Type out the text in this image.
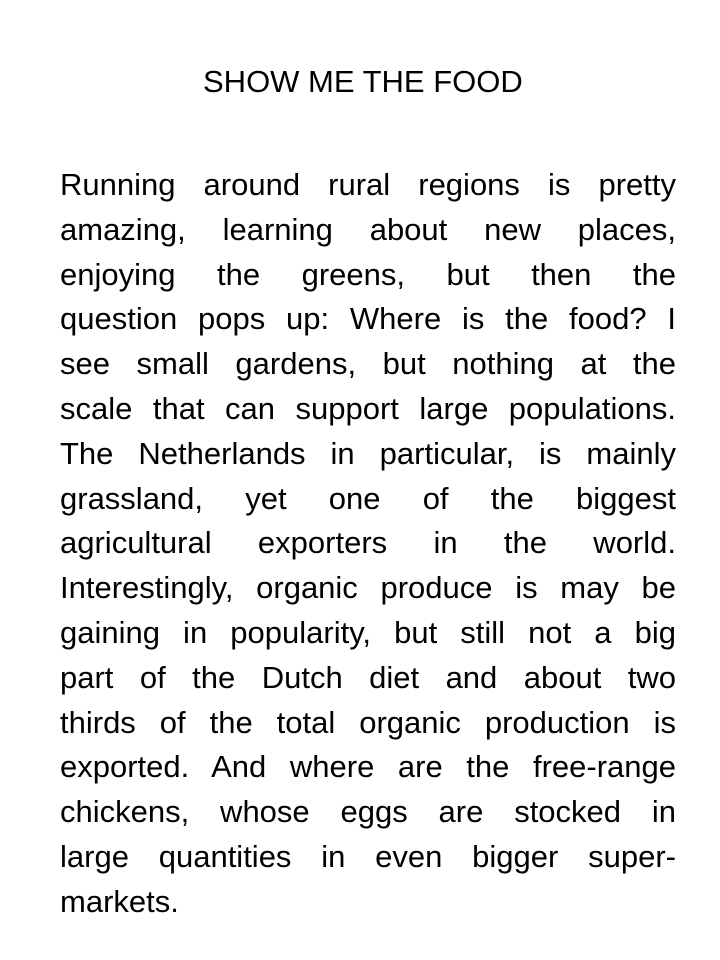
SHOW ME THE FOOD
Running around rural regions is pretty
amazing, learning about new places,
enjoying the greens, but then the
question pops up: Where is the food? I
see small gardens, but nothing at the
scale that can support large populations.
The Netherlands in particular, is mainly
grassland, yet one of the biggest
agricultural exporters in the world.
Interestingly, organic produce is may be
gaining in popularity, but still not a big
part of the Dutch diet and about two
thirds of the total organic production is
exported. And where are the free-range
chickens, whose eggs are stocked in
large quantities in even bigger super-
markets.
